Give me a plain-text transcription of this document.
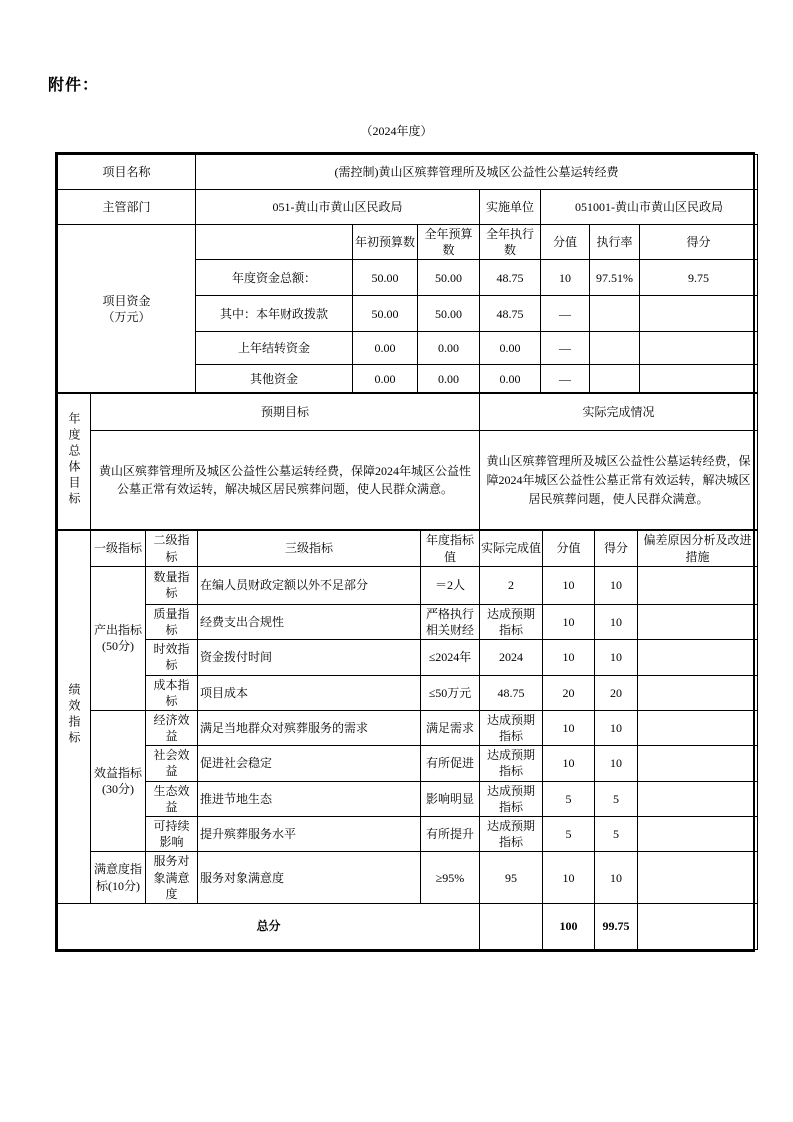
附件：
（2024年度）
项目名称	(需控制)黄山区殡葬管理所及城区公益性公墓运转经费						
主管部门	051-黄山市黄山区民政局			实施单位	051001-黄山市黄山区民政局		
项目资金
（万元）		年初预算数	全年预算数	全年执行数	分值	执行率	得分
	年度资金总额：	50.00	50.00	48.75	10	97.51%	9.75
	其中：本年财政拨款	50.00	50.00	48.75	—		
	上年结转资金	0.00	0.00	0.00	—		
	其他资金	0.00	0.00	0.00	—		
年度总体目标	预期目标	实际完成情况
	黄山区殡葬管理所及城区公益性公墓运转经费，保障2024年城区公益性公墓正常有效运转，解决城区居民殡葬问题，使人民群众满意。	黄山区殡葬管理所及城区公益性公墓运转经费，保障2024年城区公益性公墓正常有效运转，解决城区居民殡葬问题，使人民群众满意。
绩效指标	一级指标	二级指标	三级指标	年度指标值	实际完成值	分值	得分	偏差原因分析及改进措施
	产出指标(50分)	数量指标	在编人员财政定额以外不足部分	＝2人	2	10	10	
		质量指标	经费支出合规性	严格执行相关财经	达成预期指标	10	10	
		时效指标	资金拨付时间	≤2024年	2024	10	10	
		成本指标	项目成本	≤50万元	48.75	20	20	
	效益指标(30分)	经济效益	满足当地群众对殡葬服务的需求	满足需求	达成预期指标	10	10	
		社会效益	促进社会稳定	有所促进	达成预期指标	10	10	
		生态效益	推进节地生态	影响明显	达成预期指标	5	5	
		可持续影响	提升殡葬服务水平	有所提升	达成预期指标	5	5	
	满意度指标(10分)	服务对象满意度	服务对象满意度	≥95%	95	10	10	
总分						100	99.75	
